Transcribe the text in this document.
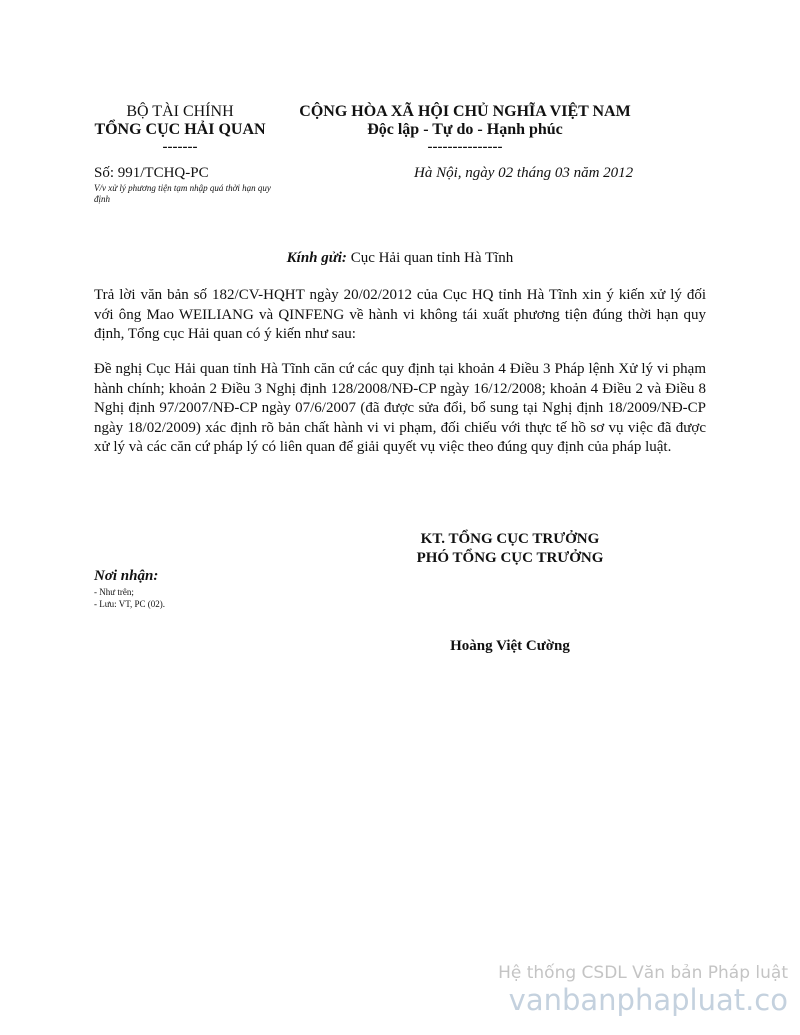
BỘ TÀI CHÍNH
TỔNG CỤC HẢI QUAN
-------
CỘNG HÒA XÃ HỘI CHỦ NGHĨA VIỆT NAM
Độc lập - Tự do - Hạnh phúc
---------------
Số: 991/TCHQ-PC
V/v xử lý phương tiện tạm nhập quá thời hạn quy định
Hà Nội, ngày 02 tháng 03 năm 2012
Kính gửi: Cục Hải quan tỉnh Hà Tĩnh
Trả lời văn bản số 182/CV-HQHT ngày 20/02/2012 của Cục HQ tỉnh Hà Tĩnh xin ý kiến xử lý đối với ông Mao WEILIANG và QINFENG về hành vi không tái xuất phương tiện đúng thời hạn quy định, Tổng cục Hải quan có ý kiến như sau:
Đề nghị Cục Hải quan tỉnh Hà Tĩnh căn cứ các quy định tại khoản 4 Điều 3 Pháp lệnh Xử lý vi phạm hành chính; khoản 2 Điều 3 Nghị định 128/2008/NĐ-CP ngày 16/12/2008; khoản 4 Điều 2 và Điều 8 Nghị định 97/2007/NĐ-CP ngày 07/6/2007 (đã được sửa đổi, bổ sung tại Nghị định 18/2009/NĐ-CP ngày 18/02/2009) xác định rõ bản chất hành vi vi phạm, đối chiếu với thực tế hồ sơ vụ việc đã được xử lý và các căn cứ pháp lý có liên quan để giải quyết vụ việc theo đúng quy định của pháp luật.
KT. TỔNG CỤC TRƯỞNG
PHÓ TỔNG CỤC TRƯỞNG
Hoàng Việt Cường
Nơi nhận:
- Như trên;
- Lưu: VT, PC (02).
Hệ thống CSDL Văn bản Pháp luật
vanbanphapluat.co
